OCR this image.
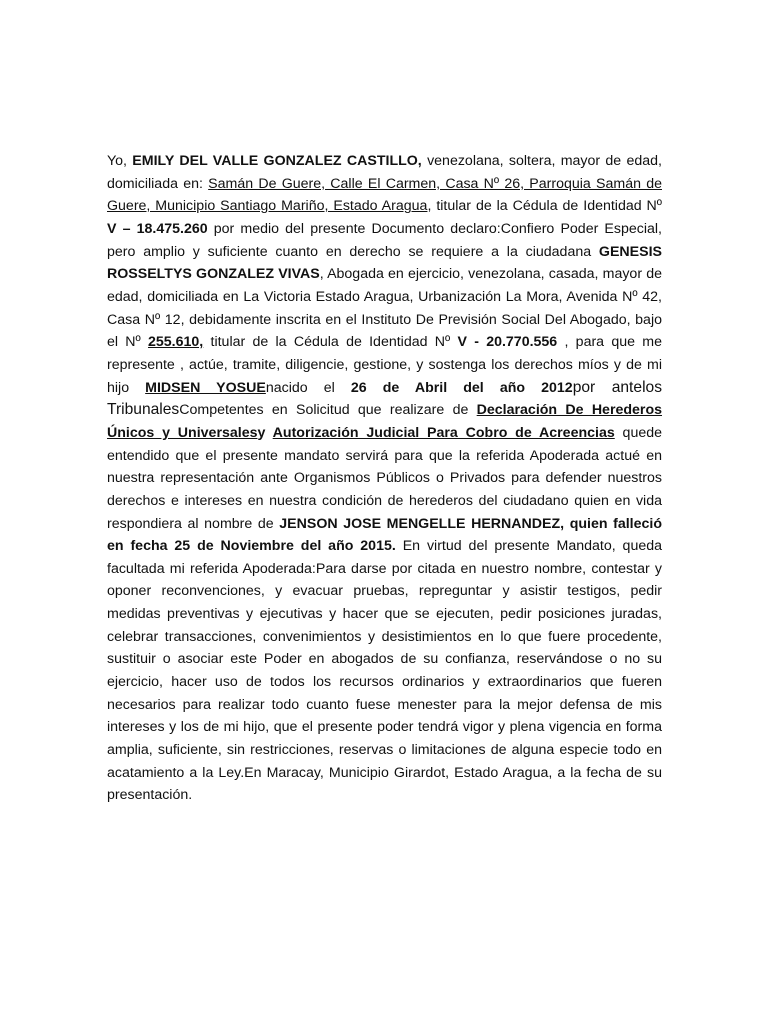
Yo, EMILY DEL VALLE GONZALEZ CASTILLO, venezolana, soltera, mayor de edad, domiciliada en: Samán De Guere, Calle El Carmen, Casa Nº 26, Parroquia Samán de Guere, Municipio Santiago Mariño, Estado Aragua, titular de la Cédula de Identidad Nº V – 18.475.260 por medio del presente Documento declaro:Confiero Poder Especial, pero amplio y suficiente cuanto en derecho se requiere a la ciudadana GENESIS ROSSELTYS GONZALEZ VIVAS, Abogada en ejercicio, venezolana, casada, mayor de edad, domiciliada en La Victoria Estado Aragua, Urbanización La Mora, Avenida Nº 42, Casa Nº 12, debidamente inscrita en el Instituto De Previsión Social Del Abogado, bajo el Nº 255.610, titular de la Cédula de Identidad Nº V - 20.770.556 , para que me represente , actúe, tramite, diligencie, gestione, y sostenga los derechos míos y de mi hijo MIDSEN YOSUEnacido el 26 de Abril del año 2012por antelos TribunalesCompetentes en Solicitud que realizare de Declaración De Herederos Únicos y Universalesy Autorización Judicial Para Cobro de Acreencias quede entendido que el presente mandato servirá para que la referida Apoderada actué en nuestra representación ante Organismos Públicos o Privados para defender nuestros derechos e intereses en nuestra condición de herederos del ciudadano quien en vida respondiera al nombre de JENSON JOSE MENGELLE HERNANDEZ, quien falleció en fecha 25 de Noviembre del año 2015. En virtud del presente Mandato, queda facultada mi referida Apoderada:Para darse por citada en nuestro nombre, contestar y oponer reconvenciones, y evacuar pruebas, repreguntar y asistir testigos, pedir medidas preventivas y ejecutivas y hacer que se ejecuten, pedir posiciones juradas, celebrar transacciones, convenimientos y desistimientos en lo que fuere procedente, sustituir o asociar este Poder en abogados de su confianza, reservándose o no su ejercicio, hacer uso de todos los recursos ordinarios y extraordinarios que fueren necesarios para realizar todo cuanto fuese menester para la mejor defensa de mis intereses y los de mi hijo, que el presente poder tendrá vigor y plena vigencia en forma amplia, suficiente, sin restricciones, reservas o limitaciones de alguna especie todo en acatamiento a la Ley.En Maracay, Municipio Girardot, Estado Aragua, a la fecha de su presentación.
